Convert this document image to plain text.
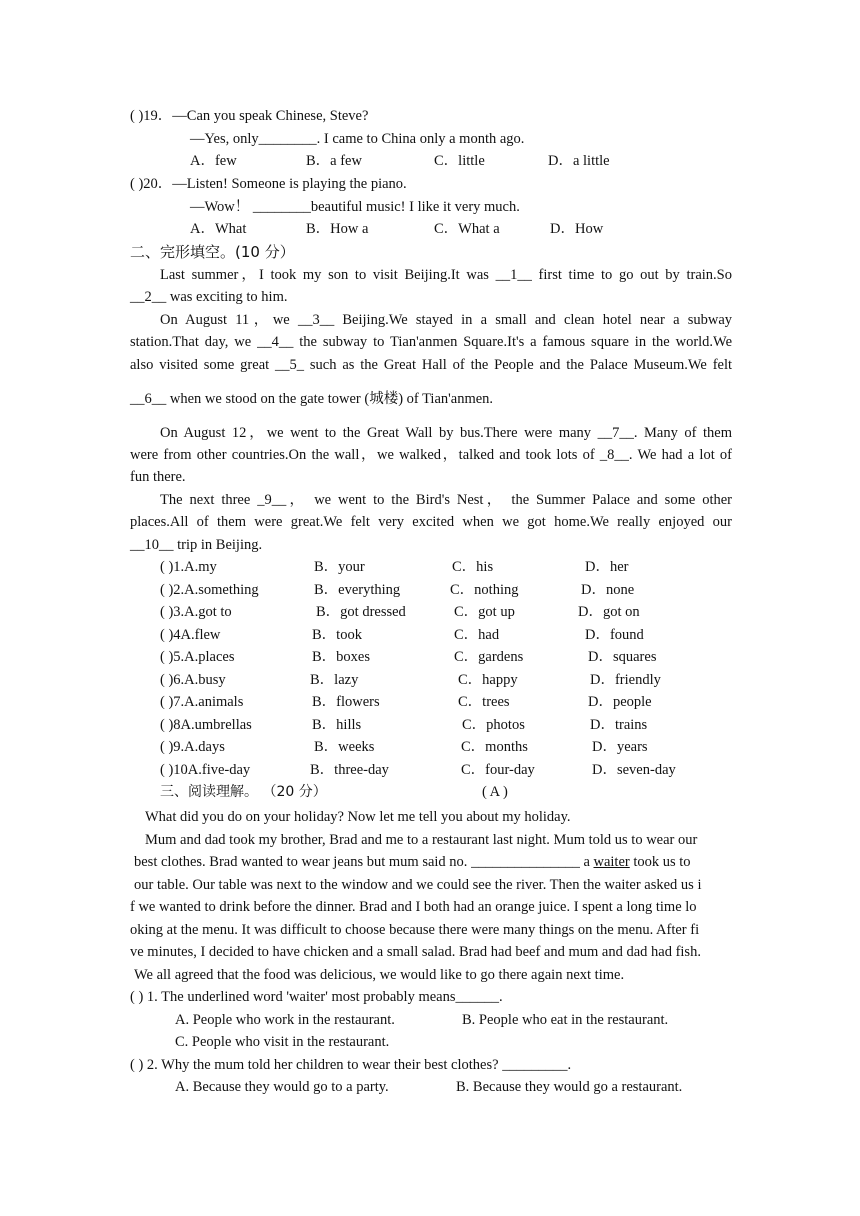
( )19．—Can you speak Chinese, Steve?
—Yes, only________. I came to China only a month ago.
A．few	B．a few	C．little	D．a little
( )20．—Listen! Someone is playing the piano.
—Wow！ ________beautiful music! I like it very much.
A．What	B．How a	C．What a	D．How
二、完形填空。(10 分）
Last summer，I took my son to visit Beijing.It was __1__ first time to go out by train.So
__2__ was exciting to him.
On August 11，we __3__ Beijing.We stayed in a small and clean hotel near a subway
station.That day, we __4__ the subway to Tian'anmen Square.It's a famous square in the world.We
also visited some great __5_ such as the Great Hall of the People and the Palace Museum.We felt
__6__ when we stood on the gate tower (城楼) of Tian'anmen.
On August 12，we went to the Great Wall by bus.There were many __7__. Many of them
were from other countries.On the wall，we walked，talked and took lots of _8__. We had a lot of
fun there.
The next three _9__， we went to the Bird's Nest， the Summer Palace and some other
places.All of them were great.We felt very excited when we got home.We really enjoyed our
__10__ trip in Beijing.
( )1.A.my	B．your	C．his	D．her
( )2.A.something	B．everything	C．nothing	D．none
( )3.A.got to	B．got dressed	C．got up	D．got on
( )4A.flew	B．took	C．had	D．found
( )5.A.places	B．boxes	C．gardens	D．squares
( )6.A.busy	B．lazy	C．happy	D．friendly
( )7.A.animals	B．flowers	C．trees	D．people
( )8A.umbrellas	B．hills	C．photos	D．trains
( )9.A.days	B．weeks	C．months	D．years
( )10A.five-day	B．three-day	C．four-day	D．seven-day
三、阅读理解。 （20 分）	( A )
What did you do on your holiday? Now let me tell you about my holiday.
Mum and dad took my brother, Brad and me to a restaurant last night. Mum told us to wear our
best clothes. Brad wanted to wear jeans but mum said no. _______________ a waiter took us to
our table. Our table was next to the window and we could see the river. Then the waiter asked us i
f we wanted to drink before the dinner. Brad and I both had an orange juice. I spent a long time lo
oking at the menu. It was difficult to choose because there were many things on the menu. After fi
ve minutes, I decided to have chicken and a small salad. Brad had beef and mum and dad had fish.
We all agreed that the food was delicious, we would like to go there again next time.
( ) 1. The underlined word 'waiter' most probably means______.
A. People who work in the restaurant.	B. People who eat in the restaurant.
C. People who visit in the restaurant.
( ) 2. Why the mum told her children to wear their best clothes? _________.
A. Because they would go to a party.	B. Because they would go a restaurant.
